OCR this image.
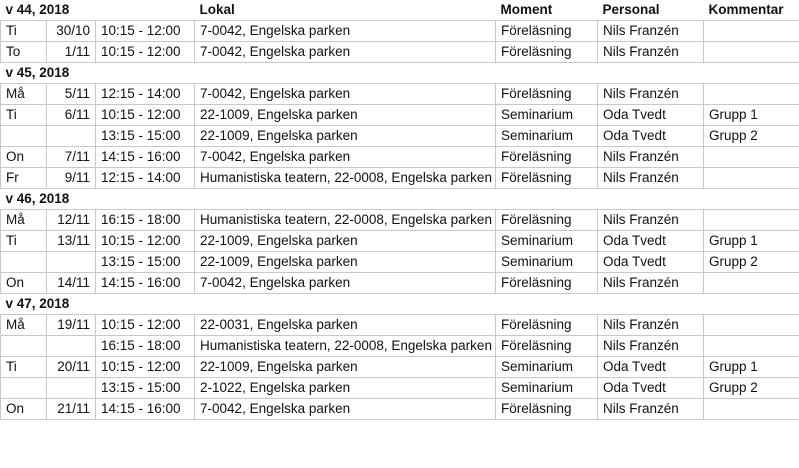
v 44, 2018			Lokal	Moment	Personal	Kommentar
Ti	30/10	10:15 - 12:00	7-0042, Engelska parken	Föreläsning	Nils Franzén	
To	1/11	10:15 - 12:00	7-0042, Engelska parken	Föreläsning	Nils Franzén	
v 45, 2018						
Må	5/11	12:15 - 14:00	7-0042, Engelska parken	Föreläsning	Nils Franzén	
Ti	6/11	10:15 - 12:00	22-1009, Engelska parken	Seminarium	Oda Tvedt	Grupp 1
		13:15 - 15:00	22-1009, Engelska parken	Seminarium	Oda Tvedt	Grupp 2
On	7/11	14:15 - 16:00	7-0042, Engelska parken	Föreläsning	Nils Franzén	
Fr	9/11	12:15 - 14:00	Humanistiska teatern, 22-0008, Engelska parken	Föreläsning	Nils Franzén	
v 46, 2018						
Må	12/11	16:15 - 18:00	Humanistiska teatern, 22-0008, Engelska parken	Föreläsning	Nils Franzén	
Ti	13/11	10:15 - 12:00	22-1009, Engelska parken	Seminarium	Oda Tvedt	Grupp 1
		13:15 - 15:00	22-1009, Engelska parken	Seminarium	Oda Tvedt	Grupp 2
On	14/11	14:15 - 16:00	7-0042, Engelska parken	Föreläsning	Nils Franzén	
v 47, 2018						
Må	19/11	10:15 - 12:00	22-0031, Engelska parken	Föreläsning	Nils Franzén	
		16:15 - 18:00	Humanistiska teatern, 22-0008, Engelska parken	Föreläsning	Nils Franzén	
Ti	20/11	10:15 - 12:00	22-1009, Engelska parken	Seminarium	Oda Tvedt	Grupp 1
		13:15 - 15:00	2-1022, Engelska parken	Seminarium	Oda Tvedt	Grupp 2
On	21/11	14:15 - 16:00	7-0042, Engelska parken	Föreläsning	Nils Franzén	
